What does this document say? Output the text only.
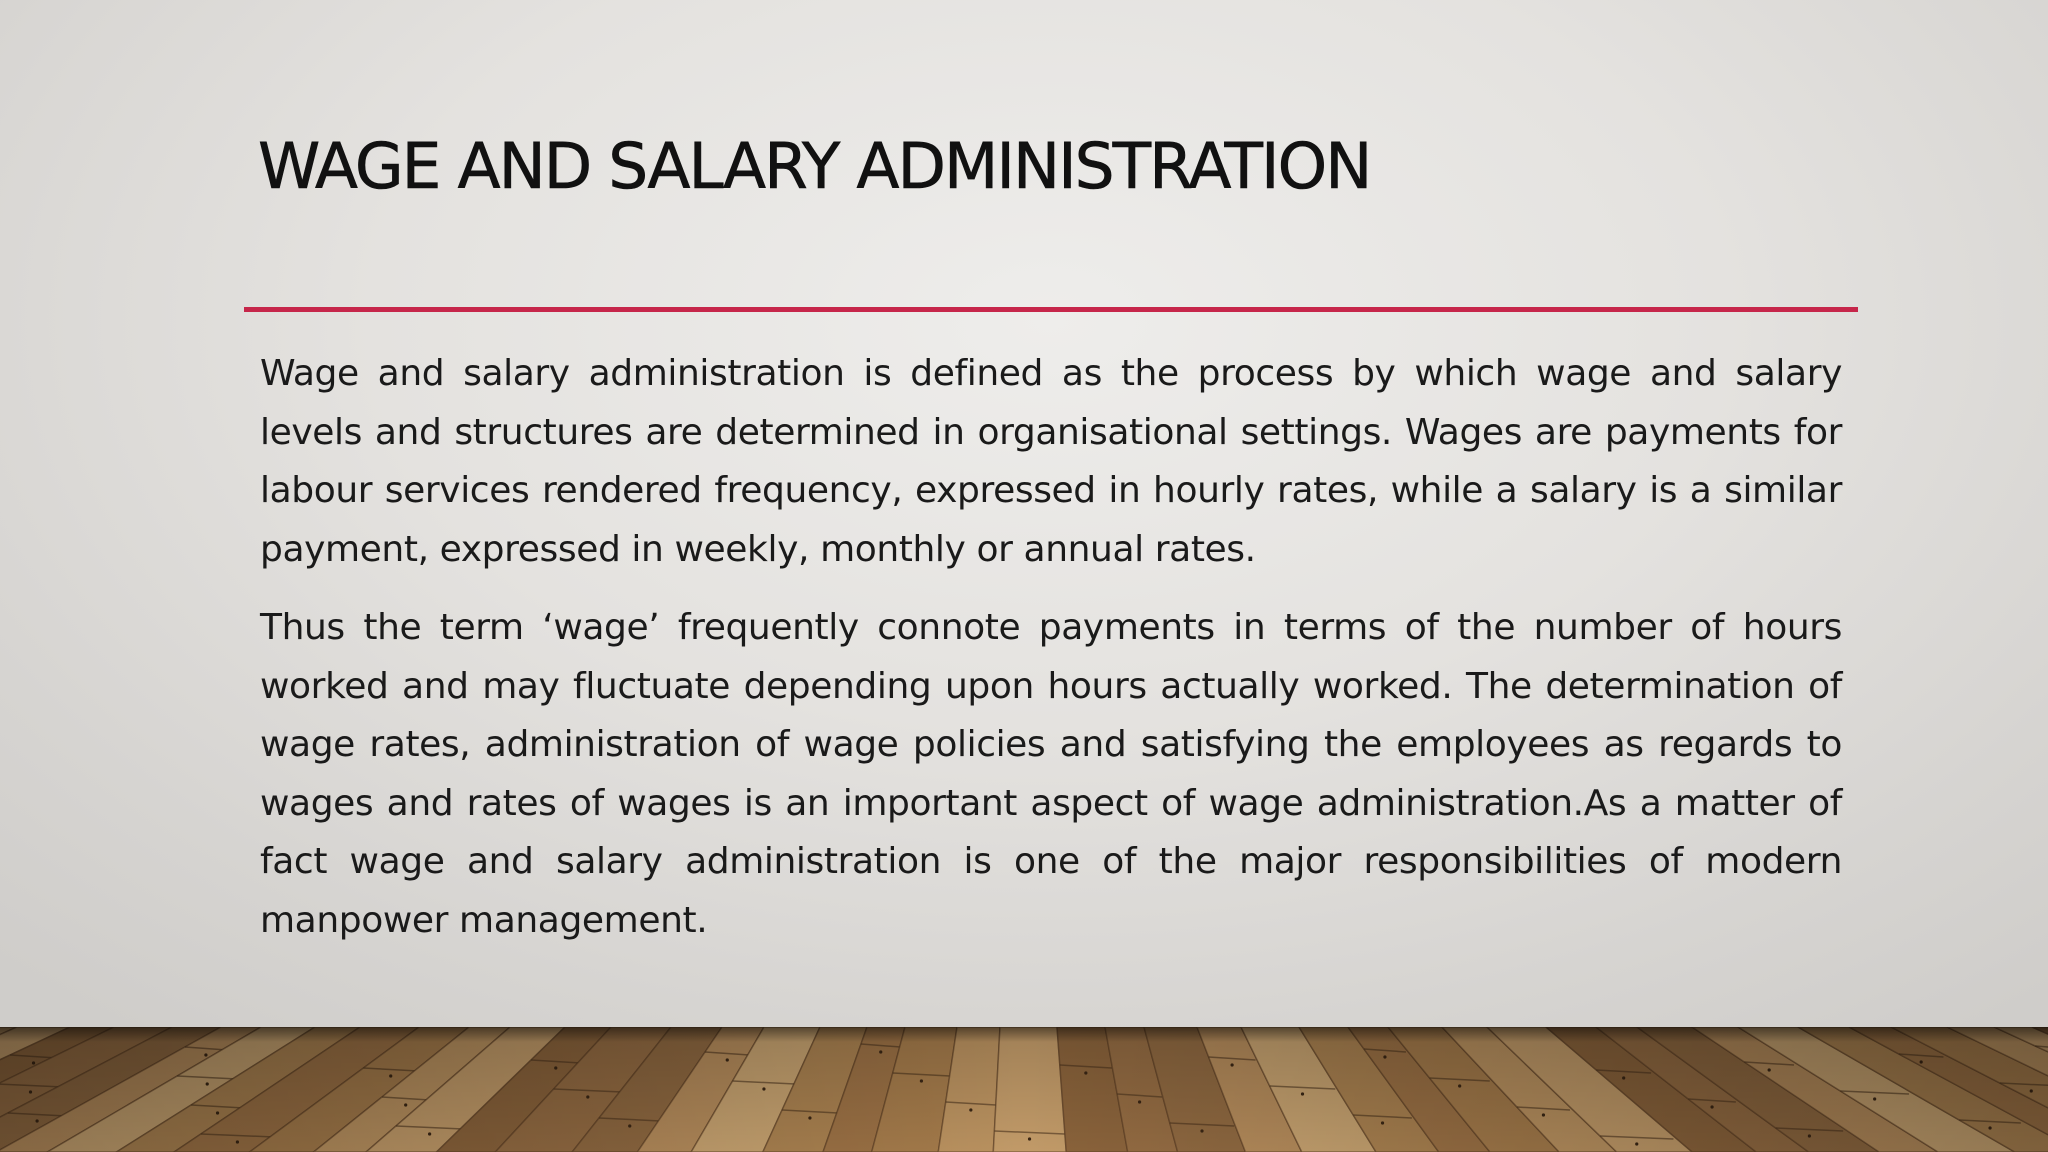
WAGE AND SALARY ADMINISTRATION

Wage and salary administration is defined as the process by which wage and salary levels and structures are determined in organisational settings. Wages are payments for labour services rendered frequency, expressed in hourly rates, while a salary is a similar payment, expressed in weekly, monthly or annual rates.

Thus the term ‘wage’ frequently connote payments in terms of the number of hours worked and may fluctuate depending upon hours actually worked. The determination of wage rates, administration of wage policies and satisfying the employees as regards to wages and rates of wages is an important aspect of wage administration.As a matter of fact wage and salary administration is one of the major responsibilities of modern manpower management.
